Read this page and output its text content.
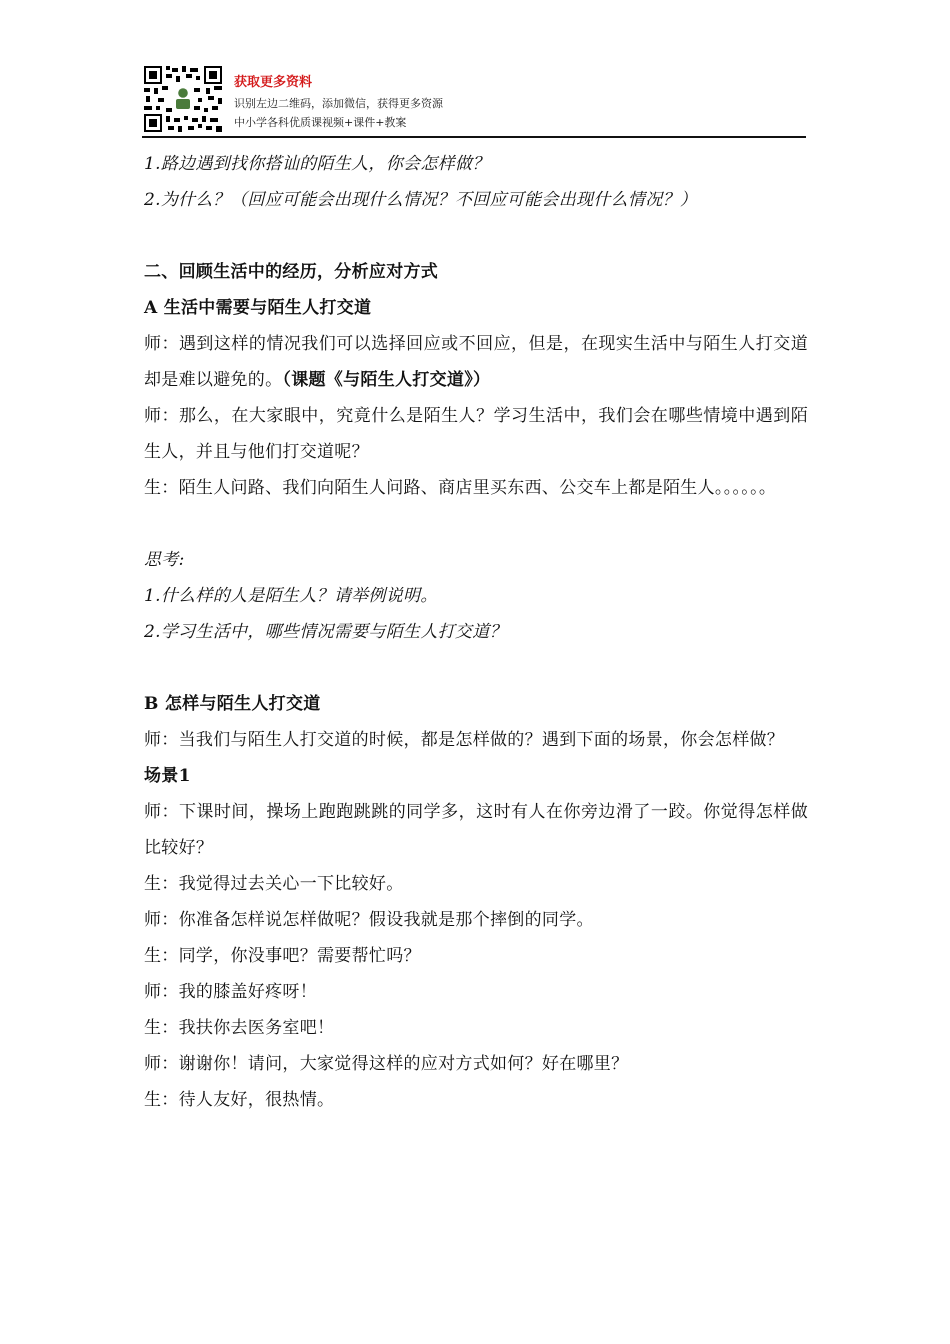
获取更多资料
识别左边二维码，添加微信，获得更多资源
中小学各科优质课视频+课件+教案

1.路边遇到找你搭讪的陌生人，你会怎样做？

2.为什么？（回应可能会出现什么情况？不回应可能会出现什么情况？）

二、回顾生活中的经历，分析应对方式

A 生活中需要与陌生人打交道

师：遇到这样的情况我们可以选择回应或不回应，但是，在现实生活中与陌生人打交道却是难以避免的。（课题《与陌生人打交道》）

师：那么，在大家眼中，究竟什么是陌生人？学习生活中，我们会在哪些情境中遇到陌生人，并且与他们打交道呢？

生：陌生人问路、我们向陌生人问路、商店里买东西、公交车上都是陌生人。。。。。。

思考:

1.什么样的人是陌生人？请举例说明。

2.学习生活中，哪些情况需要与陌生人打交道？

B 怎样与陌生人打交道

师：当我们与陌生人打交道的时候，都是怎样做的？遇到下面的场景，你会怎样做？

场景1

师：下课时间，操场上跑跑跳跳的同学多，这时有人在你旁边滑了一跤。你觉得怎样做比较好？

生：我觉得过去关心一下比较好。

师：你准备怎样说怎样做呢？假设我就是那个摔倒的同学。

生：同学，你没事吧？需要帮忙吗？

师：我的膝盖好疼呀！

生：我扶你去医务室吧！

师：谢谢你！请问，大家觉得这样的应对方式如何？好在哪里？

生：待人友好，很热情。
